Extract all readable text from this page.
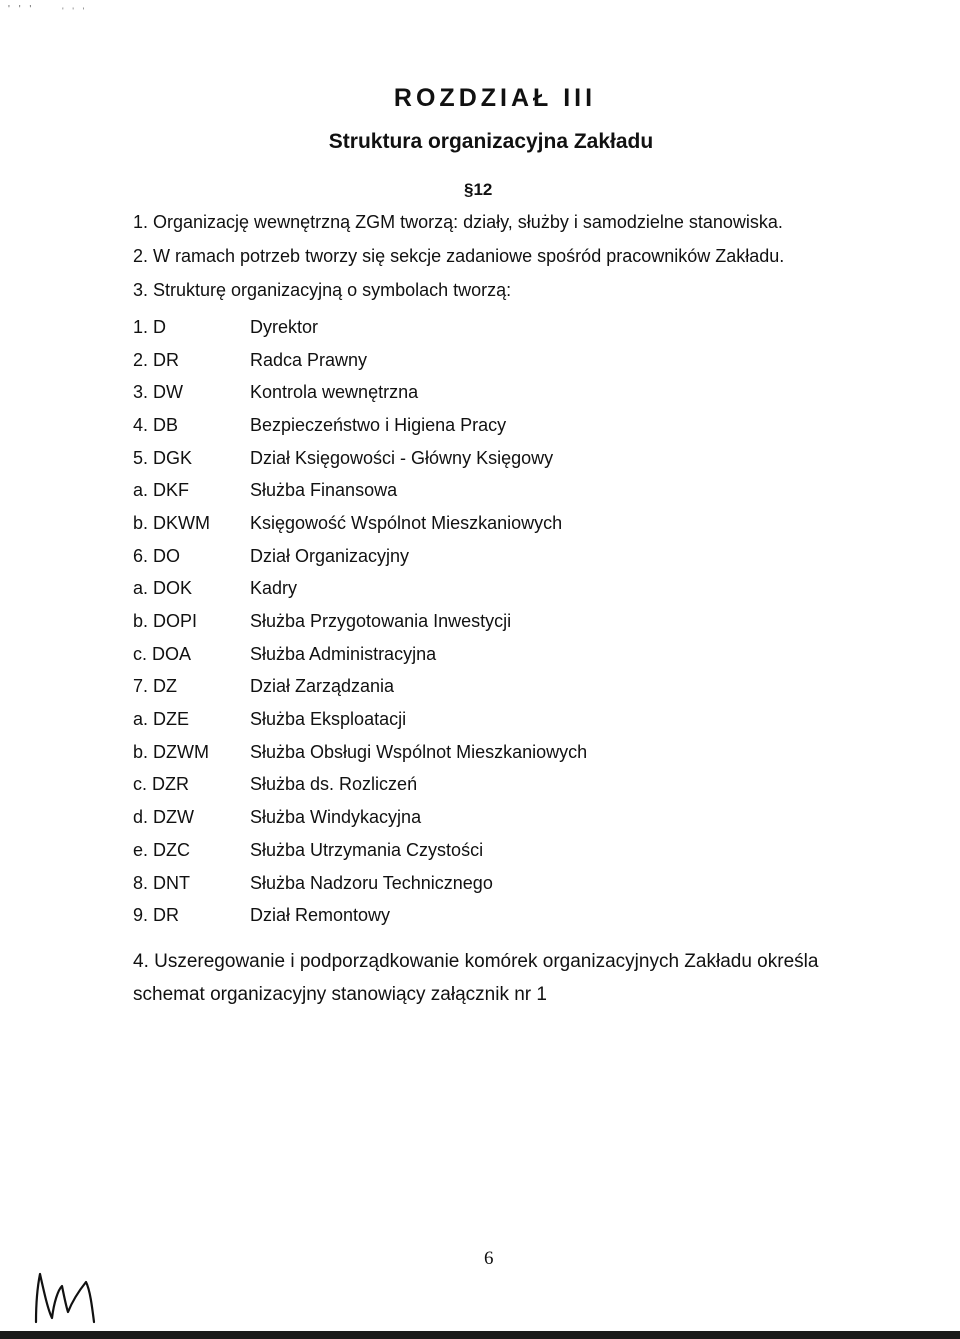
' ' '	' ' '
ROZDZIAŁ III
Struktura organizacyjna Zakładu
§12
1. Organizację wewnętrzną ZGM tworzą: działy, służby i samodzielne stanowiska.
2. W ramach potrzeb tworzy się sekcje zadaniowe spośród pracowników Zakładu.
3. Strukturę organizacyjną o symbolach tworzą:
1. D	Dyrektor
2. DR	Radca Prawny
3. DW	Kontrola wewnętrzna
4. DB	Bezpieczeństwo i Higiena Pracy
5. DGK	Dział Księgowości - Główny Księgowy
a. DKF	Służba Finansowa
b. DKWM	Księgowość Wspólnot Mieszkaniowych
6. DO	Dział Organizacyjny
a. DOK	Kadry
b. DOPI	Służba Przygotowania Inwestycji
c. DOA	Służba Administracyjna
7. DZ	Dział Zarządzania
a. DZE	Służba Eksploatacji
b. DZWM	Służba Obsługi Wspólnot Mieszkaniowych
c. DZR	Służba ds. Rozliczeń
d. DZW	Służba Windykacyjna
e. DZC	Służba Utrzymania Czystości
8. DNT	Służba Nadzoru Technicznego
9. DR	Dział Remontowy
4. Uszeregowanie i podporządkowanie komórek organizacyjnych Zakładu określa schemat organizacyjny stanowiący załącznik nr 1
6
